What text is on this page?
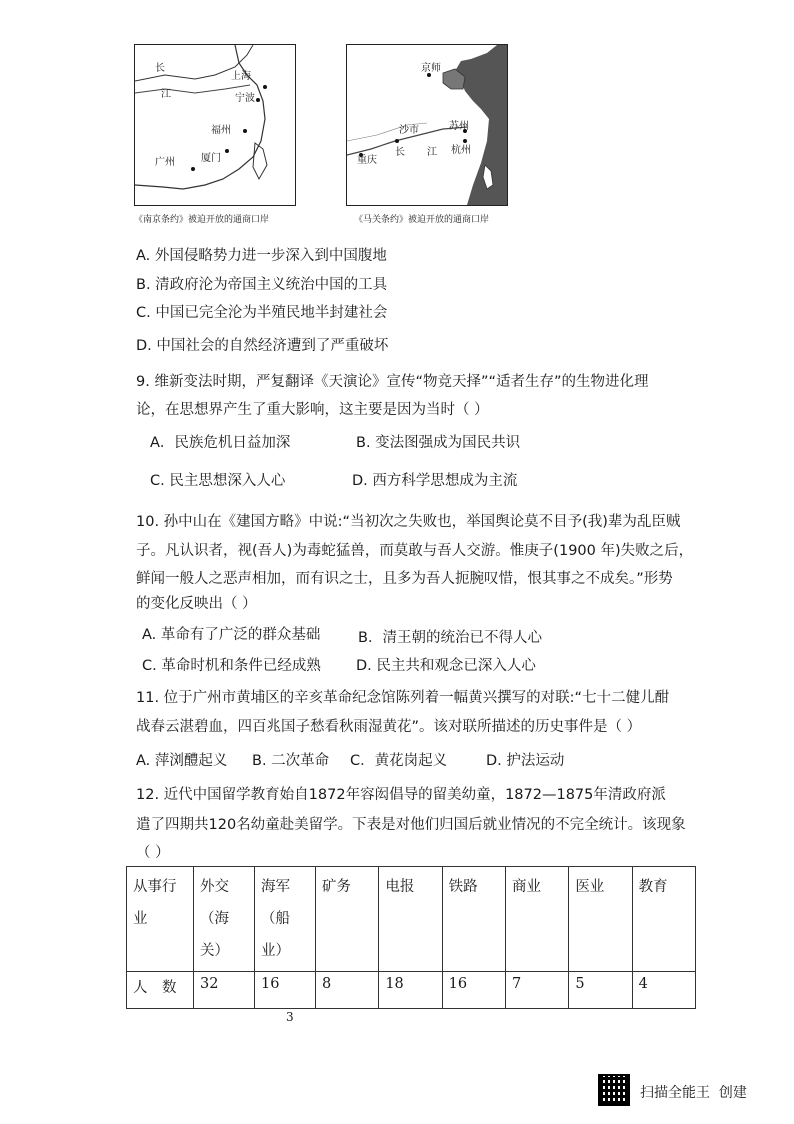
长
江
上海
宁波
福州
厦门
广州
《南京条约》被迫开放的通商口岸
京师
沙市	苏州
重庆
长 江 杭州
《马关条约》被迫开放的通商口岸
A. 外国侵略势力进一步深入到中国腹地
B. 清政府沦为帝国主义统治中国的工具
C. 中国已完全沦为半殖民地半封建社会
D. 中国社会的自然经济遭到了严重破坏
9. 维新变法时期，严复翻译《天演论》宣传“物竞天择”“适者生存”的生物进化理
论，在思想界产生了重大影响，这主要是因为当时（ ）
A．民族危机日益加深	B. 变法图强成为国民共识
C. 民主思想深入人心	D. 西方科学思想成为主流
10. 孙中山在《建国方略》中说:“当初次之失败也，举国舆论莫不目予(我)辈为乱臣贼
子。凡认识者，视(吾人)为毒蛇猛兽，而莫敢与吾人交游。惟庚子(1900 年)失败之后，
鲜闻一般人之恶声相加，而有识之士，且多为吾人扼腕叹惜，恨其事之不成矣。”形势
的变化反映出（ ）
A. 革命有了广泛的群众基础	B．清王朝的统治已不得人心
C. 革命时机和条件已经成熟 D. 民主共和观念已深入人心
11. 位于广州市黄埔区的辛亥革命纪念馆陈列着一幅黄兴撰写的对联:“七十二健儿酣
战春云湛碧血，四百兆国子愁看秋雨湿黄花”。该对联所描述的历史事件是（ ）
A. 萍浏醴起义 B. 二次革命 C．黄花岗起义	D. 护法运动
12. 近代中国留学教育始自1872年容闳倡导的留美幼童，1872—1875年清政府派
遣了四期共120名幼童赴美留学。下表是对他们归国后就业情况的不完全统计。该现象
（ ）
从事行业	外交（海关）	海军（船业）	矿务	电报	铁路	商业	医业	教育
人　数	32	16	8	18	16	7	5	4
3
扫描全能王  创建
